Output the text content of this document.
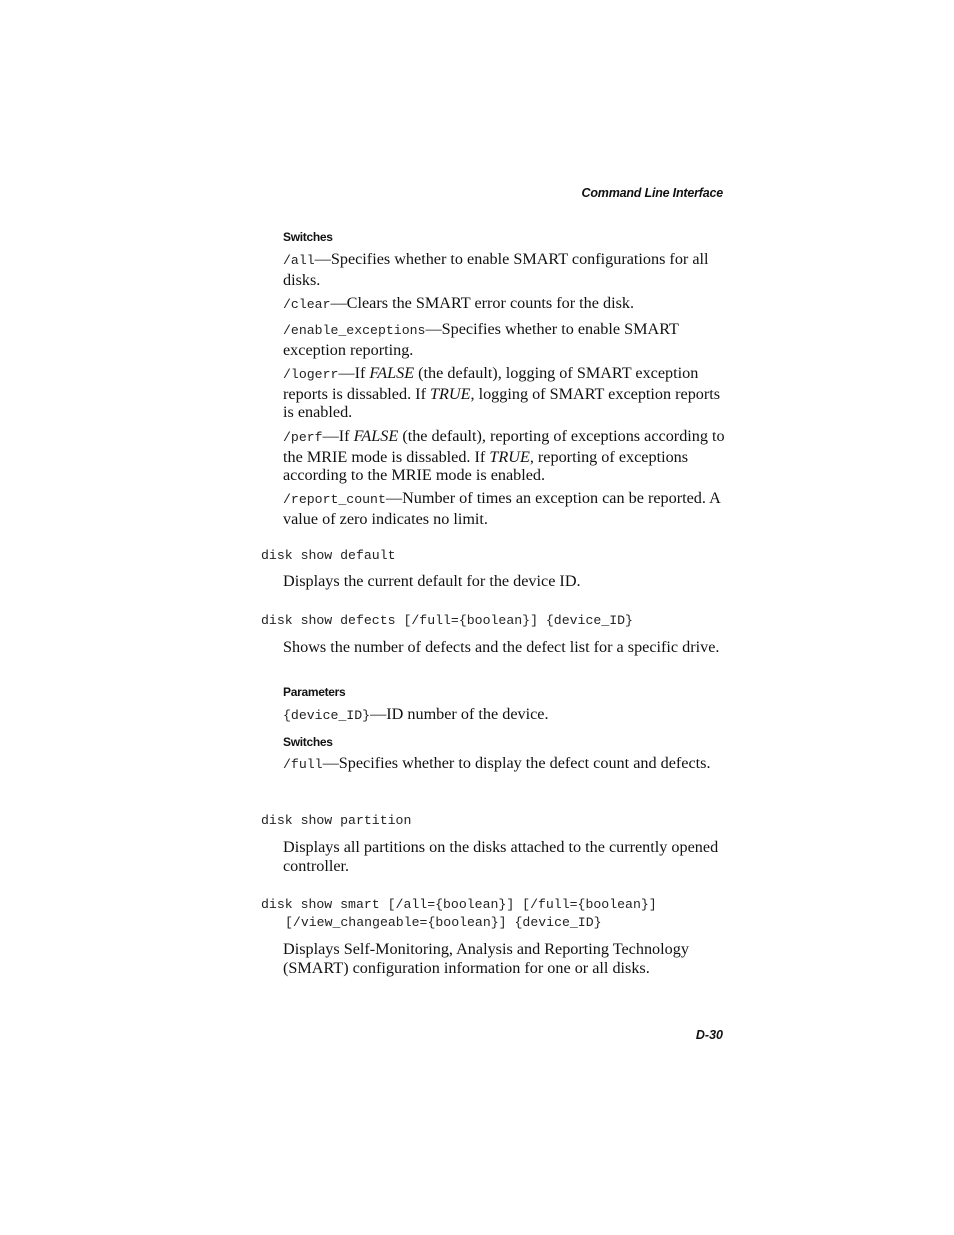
Command Line Interface
Switches
/all—Specifies whether to enable SMART configurations for all disks.
/clear—Clears the SMART error counts for the disk.
/enable_exceptions—Specifies whether to enable SMART exception reporting.
/logerr—If FALSE (the default), logging of SMART exception reports is dissabled. If TRUE, logging of SMART exception reports is enabled.
/perf—If FALSE (the default), reporting of exceptions according to the MRIE mode is dissabled. If TRUE, reporting of exceptions according to the MRIE mode is enabled.
/report_count—Number of times an exception can be reported. A value of zero indicates no limit.
disk show default
Displays the current default for the device ID.
disk show defects [/full={boolean}] {device_ID}
Shows the number of defects and the defect list for a specific drive.
Parameters
{device_ID}—ID number of the device.
Switches
/full—Specifies whether to display the defect count and defects.
disk show partition
Displays all partitions on the disks attached to the currently opened controller.
disk show smart [/all={boolean}] [/full={boolean}]

[/view_changeable={boolean}] {device_ID}
Displays Self-Monitoring, Analysis and Reporting Technology (SMART) configuration information for one or all disks.
D-30
